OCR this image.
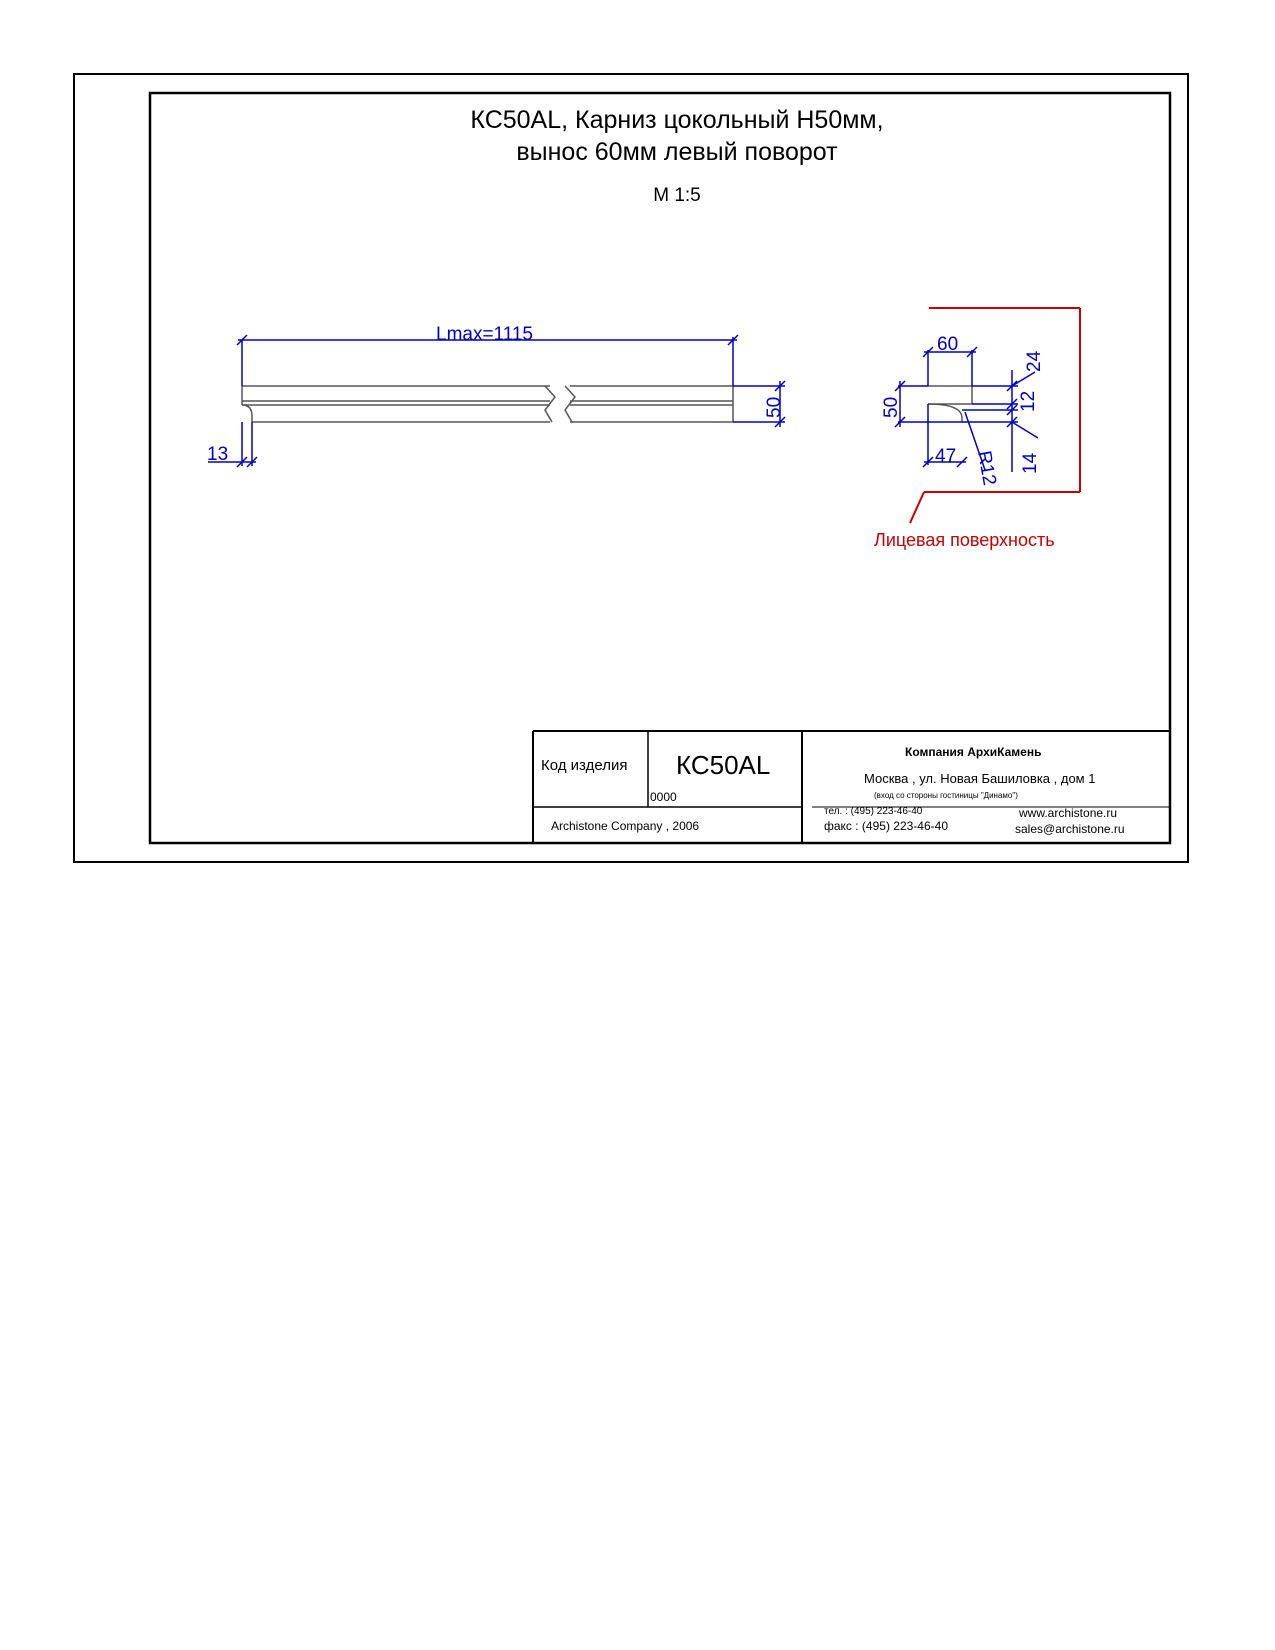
Lmax=1115
50
13
60
50
24
12
14
47 R12
КС50AL, Карниз цокольный Н50мм,
вынос 60мм левый поворот
М 1:5
Лицевая поверхность
Код изделия КС50AL
0000
Archistone Company , 2006
Компания АрхиКамень
Москва , ул. Новая Башиловка , дом 1
(вход со стороны гостиницы "Динамо")
тел. : (495) 223-46-40
факс : (495) 223-46-40
www.archistone.ru
sales@archistone.ru
